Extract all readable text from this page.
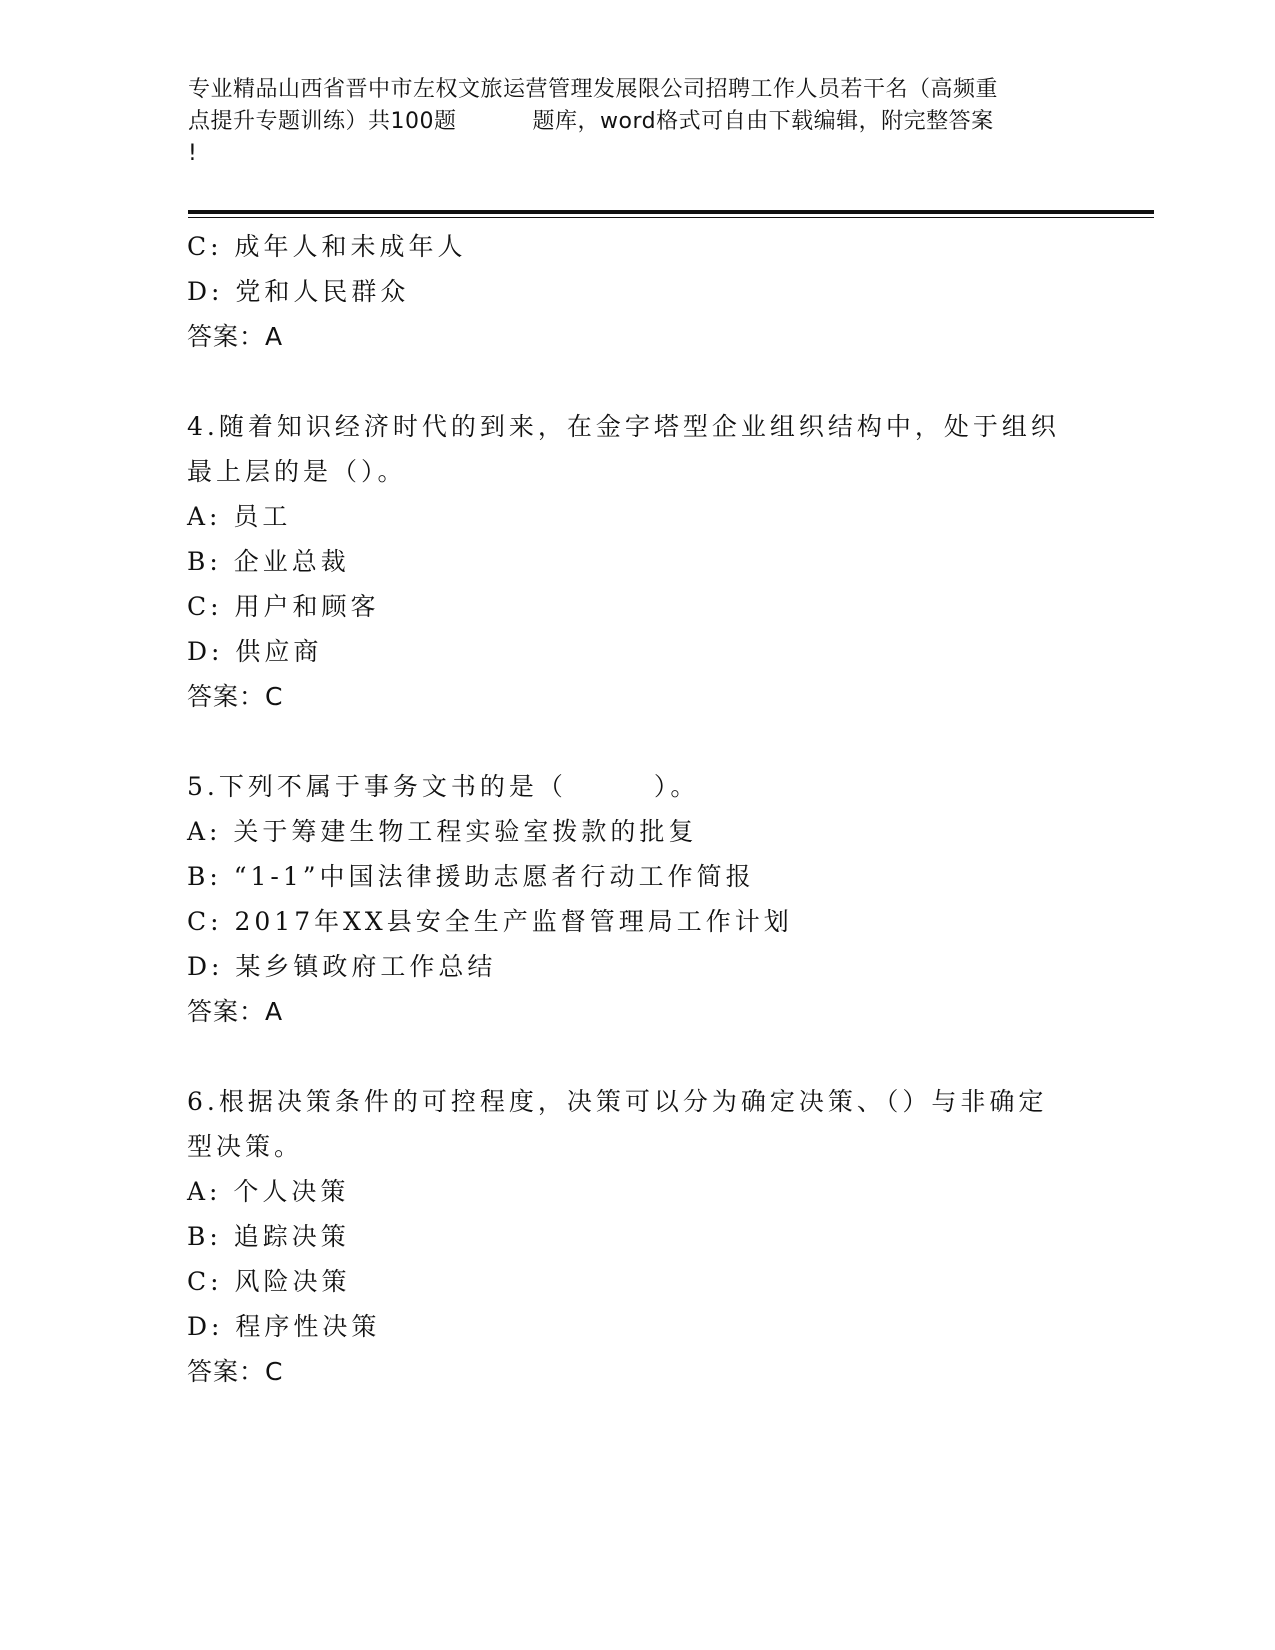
专业精品山西省晋中市左权文旅运营管理发展限公司招聘工作人员若干名（高频重
点提升专题训练）共100题	题库，word格式可自由下载编辑，附完整答案
!
C: 成年人和未成年人
D: 党和人民群众
答案：A
4.随着知识经济时代的到来，在金字塔型企业组织结构中，处于组织
最上层的是（）。
A: 员工
B: 企业总裁
C: 用户和顾客
D: 供应商
答案：C
5.下列不属于事务文书的是（　　　）。
A: 关于筹建生物工程实验室拨款的批复
B: “1-1”中国法律援助志愿者行动工作简报
C: 2017年XX县安全生产监督管理局工作计划
D: 某乡镇政府工作总结
答案：A
6.根据决策条件的可控程度，决策可以分为确定决策、（）与非确定
型决策。
A: 个人决策
B: 追踪决策
C: 风险决策
D: 程序性决策
答案：C
